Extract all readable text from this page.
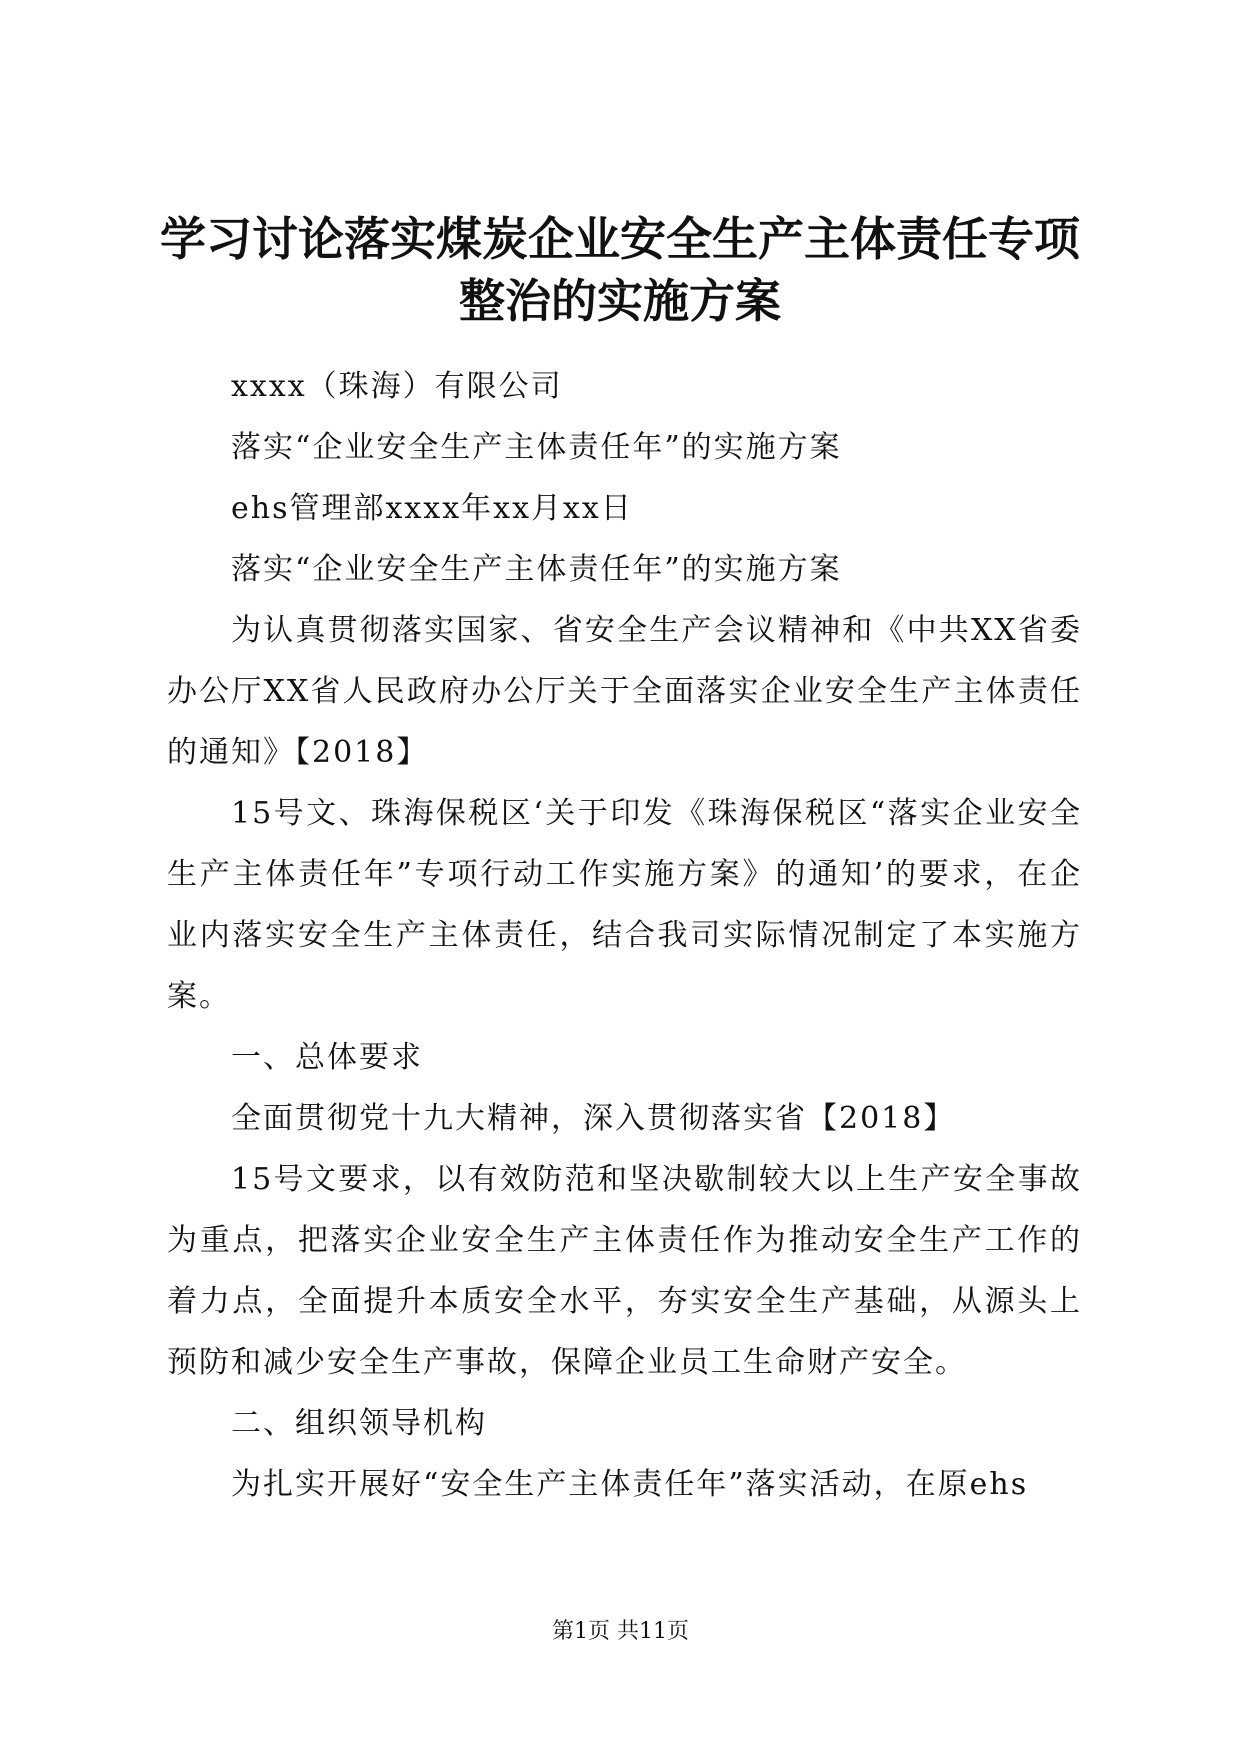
学习讨论落实煤炭企业安全生产主体责任专项整治的实施方案

xxxx（珠海）有限公司

落实“企业安全生产主体责任年”的实施方案

ehs管理部xxxx年xx月xx日

落实“企业安全生产主体责任年”的实施方案

为认真贯彻落实国家、省安全生产会议精神和《中共XX省委办公厅XX省人民政府办公厅关于全面落实企业安全生产主体责任的通知》【2018】

15号文、珠海保税区‘关于印发《珠海保税区“落实企业安全生产主体责任年”专项行动工作实施方案》的通知’的要求，在企业内落实安全生产主体责任，结合我司实际情况制定了本实施方案。

一、总体要求

全面贯彻党十九大精神，深入贯彻落实省【2018】

15号文要求，以有效防范和坚决歇制较大以上生产安全事故为重点，把落实企业安全生产主体责任作为推动安全生产工作的着力点，全面提升本质安全水平，夯实安全生产基础，从源头上预防和减少安全生产事故，保障企业员工生命财产安全。

二、组织领导机构

为扎实开展好“安全生产主体责任年”落实活动，在原ehs

第1页 共11页
